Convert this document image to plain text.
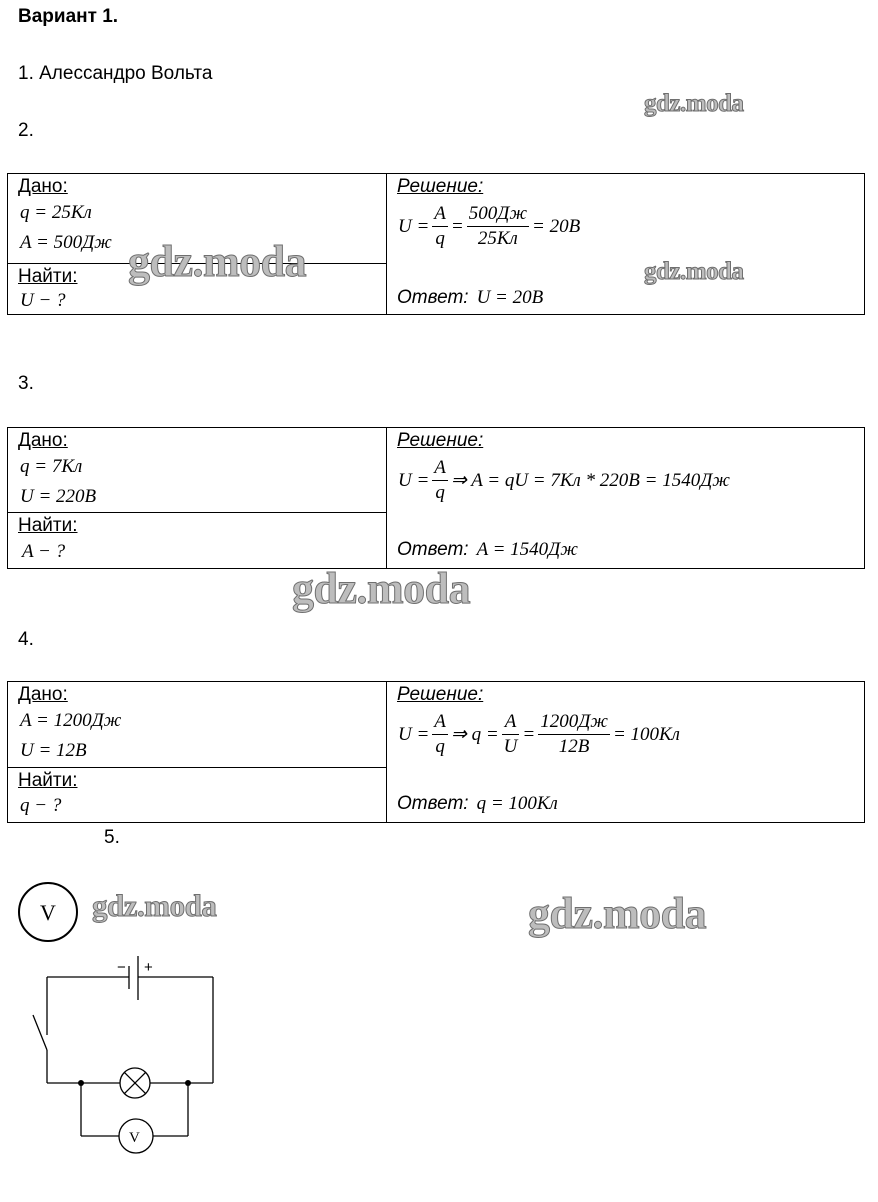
Вариант 1.
1. Алессандро Вольта
2.
3.
4.
5.
Дано:
q = 25Кл
A = 500Дж
Найти:
U − ?
Решение:
$U = \frac{A}{q} = \frac{500Дж}{25Кл} = 20B$
Ответ: U = 20B
Дано:
q = 7Кл
U = 220B
Найти:
A − ?
Решение:
$U = \frac{A}{q}$ ⇒ A = qU = 7Кл * 220B = 1540Дж
Ответ: A = 1540Дж
Дано:
A = 1200Дж
U = 12B
Найти:
q − ?
Решение:
$U = \frac{A}{q}$ ⇒ $q = \frac{A}{U} = \frac{1200Дж}{12B} = 100Кл$
Ответ: q = 100Кл
V
− +
V
gdz.moda
gdz.moda	gdz.moda
gdz.moda
gdz.moda	gdz.moda
